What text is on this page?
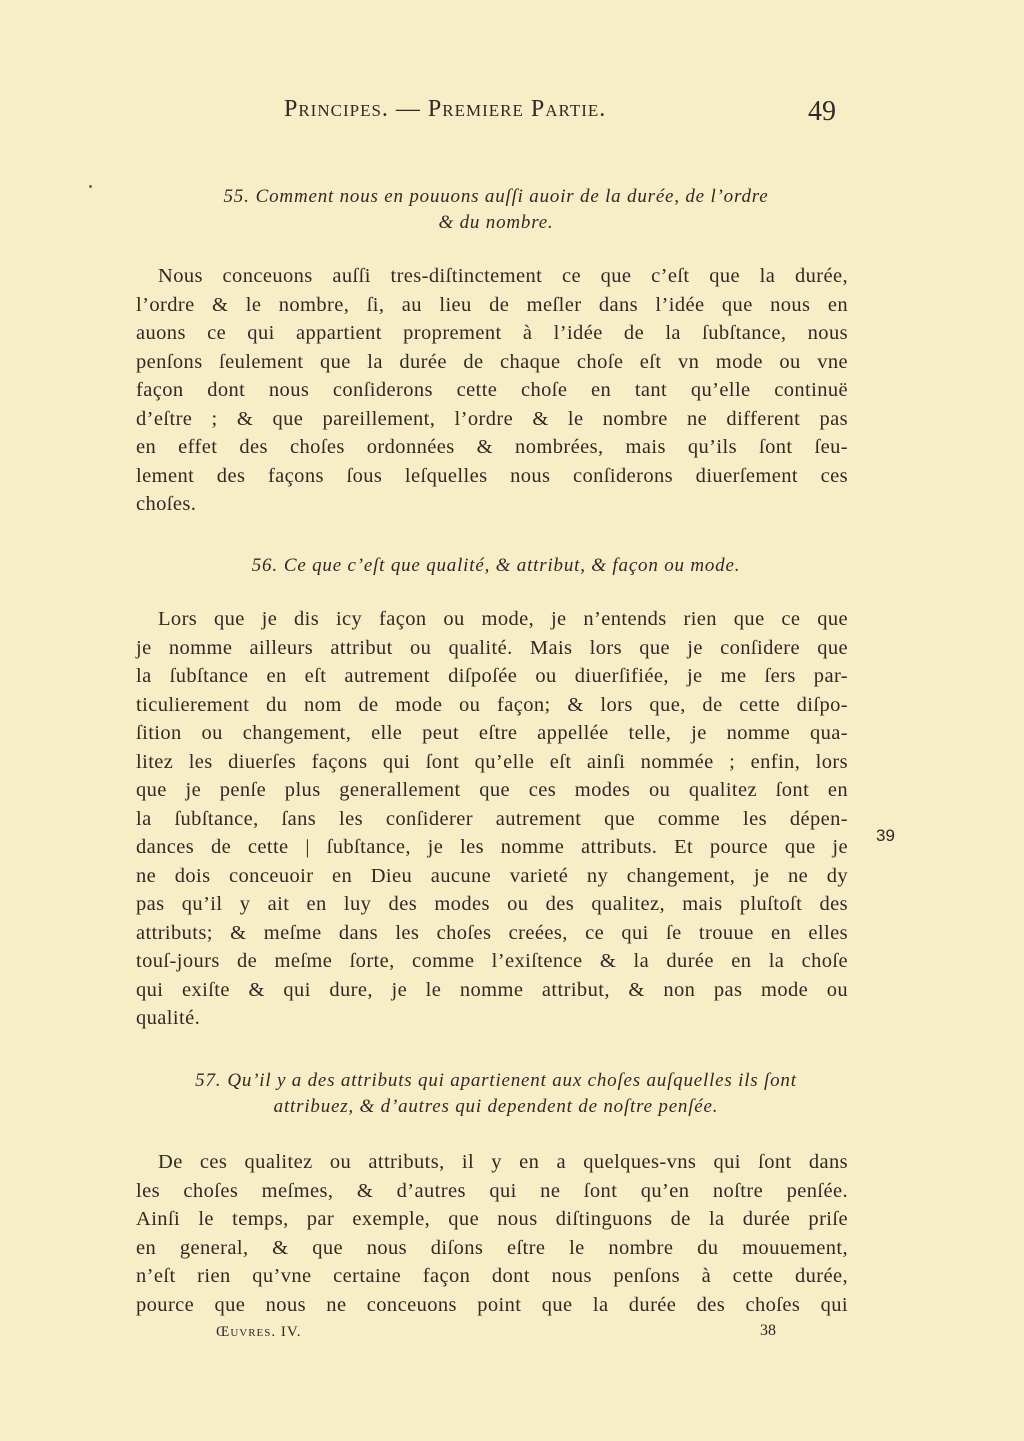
Principes. — Premiere Partie.	49
55. Comment nous en pouuons auſſi auoir de la durée, de l’ordre
& du nombre.
Nous conceuons auſſi tres-diſtinctement ce que c’eſt que la durée,
l’ordre & le nombre, ſi, au lieu de meſler dans l’idée que nous en
auons ce qui appartient proprement à l’idée de la ſubſtance, nous
penſons ſeulement que la durée de chaque choſe eſt vn mode ou vne
façon dont nous conſiderons cette choſe en tant qu’elle continuë
d’eſtre ; & que pareillement, l’ordre & le nombre ne different pas
en effet des choſes ordonnées & nombrées, mais qu’ils ſont ſeu-
lement des façons ſous leſquelles nous conſiderons diuerſement ces
choſes.
56. Ce que c’eſt que qualité, & attribut, & façon ou mode.
Lors que je dis icy façon ou mode, je n’entends rien que ce que
je nomme ailleurs attribut ou qualité. Mais lors que je conſidere que
la ſubſtance en eſt autrement diſpoſée ou diuerſifiée, je me ſers par-
ticulierement du nom de mode ou façon; & lors que, de cette diſpo-
ſition ou changement, elle peut eſtre appellée telle, je nomme qua-
litez les diuerſes façons qui ſont qu’elle eſt ainſi nommée ; enfin, lors
que je penſe plus generallement que ces modes ou qualitez ſont en
la ſubſtance, ſans les conſiderer autrement que comme les dépen-
dances de cette | ſubſtance, je les nomme attributs. Et pource que je
ne dois conceuoir en Dieu aucune varieté ny changement, je ne dy
pas qu’il y ait en luy des modes ou des qualitez, mais pluſtoſt des
attributs; & meſme dans les choſes creées, ce qui ſe trouue en elles
touſ-jours de meſme ſorte, comme l’exiſtence & la durée en la choſe
qui exiſte & qui dure, je le nomme attribut, & non pas mode ou
qualité.
39
57. Qu’il y a des attributs qui apartienent aux choſes auſquelles ils ſont
attribuez, & d’autres qui dependent de noſtre penſée.
De ces qualitez ou attributs, il y en a quelques-vns qui ſont dans
les choſes meſmes, & d’autres qui ne ſont qu’en noſtre penſée.
Ainſi le temps, par exemple, que nous diſtinguons de la durée priſe
en general, & que nous diſons eſtre le nombre du mouuement,
n’eſt rien qu’vne certaine façon dont nous penſons à cette durée,
pource que nous ne conceuons point que la durée des choſes qui
Œuvres. IV.	38
